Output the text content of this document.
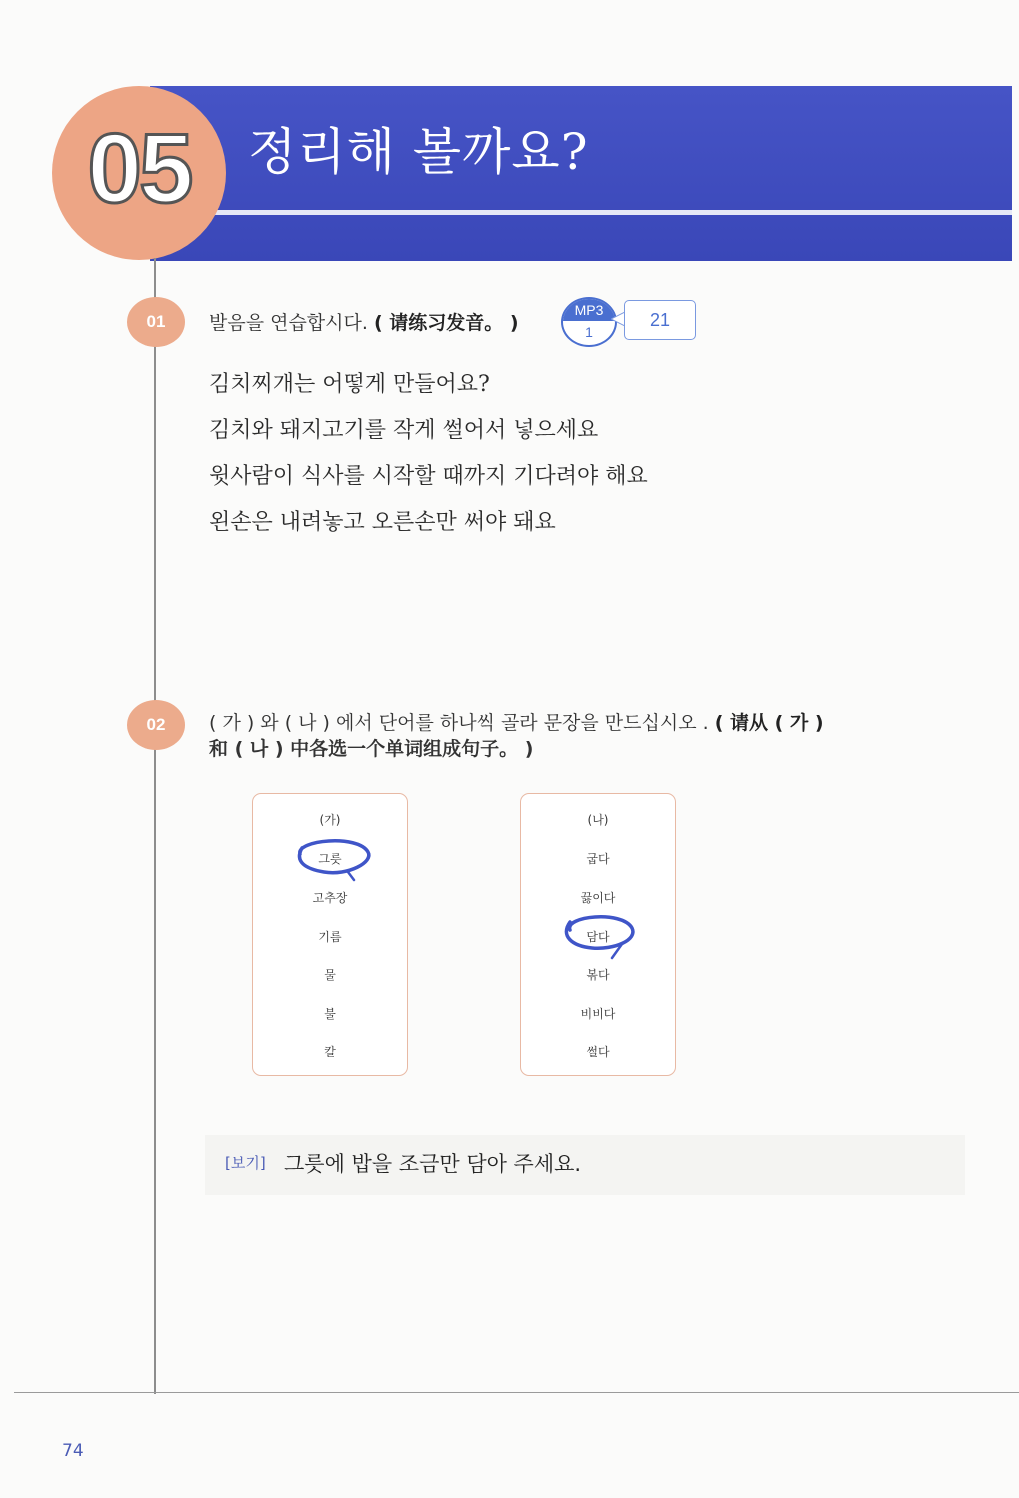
정리해 볼까요?
05
74
01	발음을 연습합시다. ( 请练习发音。 )
MP3
1
21
김치찌개는 어떻게 만들어요?
김치와 돼지고기를 작게 썰어서 넣으세요
윗사람이 식사를 시작할 때까지 기다려야 해요
왼손은 내려놓고 오른손만 써야 돼요
02	( 가 ) 와 ( 나 ) 에서 단어를 하나씩 골라 문장을 만드십시오 . ( 请从 ( 가 )
和 ( 나 ) 中各选一个单词组成句子。 )
(가)
그릇
고추장
기름
물
불
칼
(나)
굽다
끓이다
담다
볶다
비비다
썰다
[보기] 그릇에 밥을 조금만 담아 주세요.
